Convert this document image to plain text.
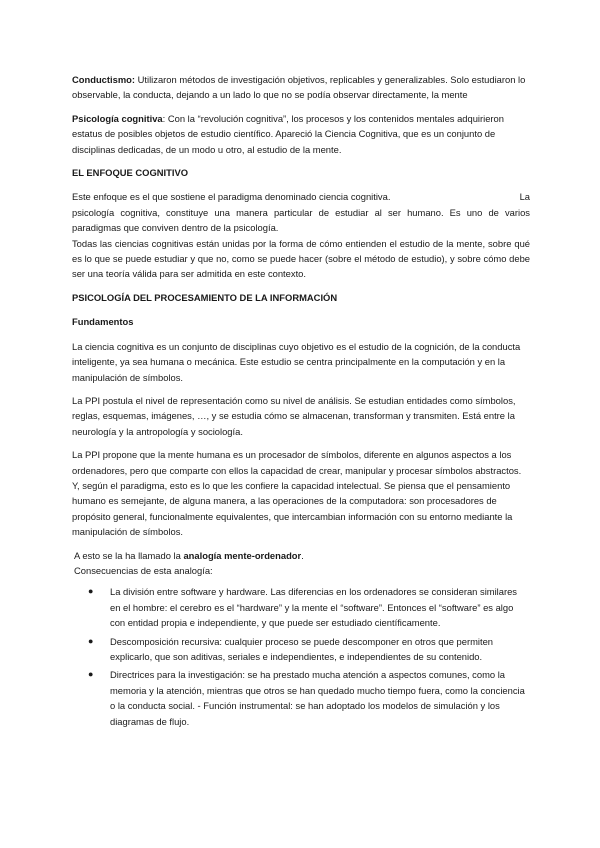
Conductismo: Utilizaron métodos de investigación objetivos, replicables y generalizables. Solo estudiaron lo observable, la conducta, dejando a un lado lo que no se podía observar directamente, la mente

Psicología cognitiva: Con la “revolución cognitiva”, los procesos y los contenidos mentales adquirieron estatus de posibles objetos de estudio científico. Apareció la Ciencia Cognitiva, que es un conjunto de disciplinas dedicadas, de un modo u otro, al estudio de la mente.

EL ENFOQUE COGNITIVO

Este enfoque es el que sostiene el paradigma denominado ciencia cognitiva.	La

psicología cognitiva, constituye una manera particular de estudiar al ser humano. Es uno de varios paradigmas que conviven dentro de la psicología.
Todas las ciencias cognitivas están unidas por la forma de cómo entienden el estudio de la mente, sobre qué es lo que se puede estudiar y que no, como se puede hacer (sobre el método de estudio), y sobre cómo debe ser una teoría válida para ser admitida en este contexto.

PSICOLOGÍA DEL PROCESAMIENTO DE LA INFORMACIÓN

Fundamentos

La ciencia cognitiva es un conjunto de disciplinas cuyo objetivo es el estudio de la cognición, de la conducta inteligente, ya sea humana o mecánica. Este estudio se centra principalmente en la computación y en la manipulación de símbolos.

La PPI postula el nivel de representación como su nivel de análisis. Se estudian entidades como símbolos, reglas, esquemas, imágenes, …, y se estudia cómo se almacenan, transforman y transmiten. Está entre la neurología y la antropología y sociología.

La PPI propone que la mente humana es un procesador de símbolos, diferente en algunos aspectos a los ordenadores, pero que comparte con ellos la capacidad de crear, manipular y procesar símbolos abstractos. Y, según el paradigma, esto es lo que les confiere la capacidad intelectual. Se piensa que el pensamiento humano es semejante, de alguna manera, a las operaciones de la computadora: son procesadores de propósito general, funcionalmente equivalentes, que intercambian información con su entorno mediante la manipulación de símbolos.

A esto se la ha llamado la analogía mente-ordenador.
Consecuencias de esta analogía:

● La división entre software y hardware. Las diferencias en los ordenadores se consideran similares en el hombre: el cerebro es el “hardware” y la mente el “software”. Entonces el “software” es algo con entidad propia e independiente, y que puede ser estudiado científicamente.
● Descomposición recursiva: cualquier proceso se puede descomponer en otros que permiten explicarlo, que son aditivas, seriales e independientes, e independientes de su contenido.
● Directrices para la investigación: se ha prestado mucha atención a aspectos comunes, como la memoria y la atención, mientras que otros se han quedado mucho tiempo fuera, como la conciencia o la conducta social. - Función instrumental: se han adoptado los modelos de simulación y los diagramas de flujo.
